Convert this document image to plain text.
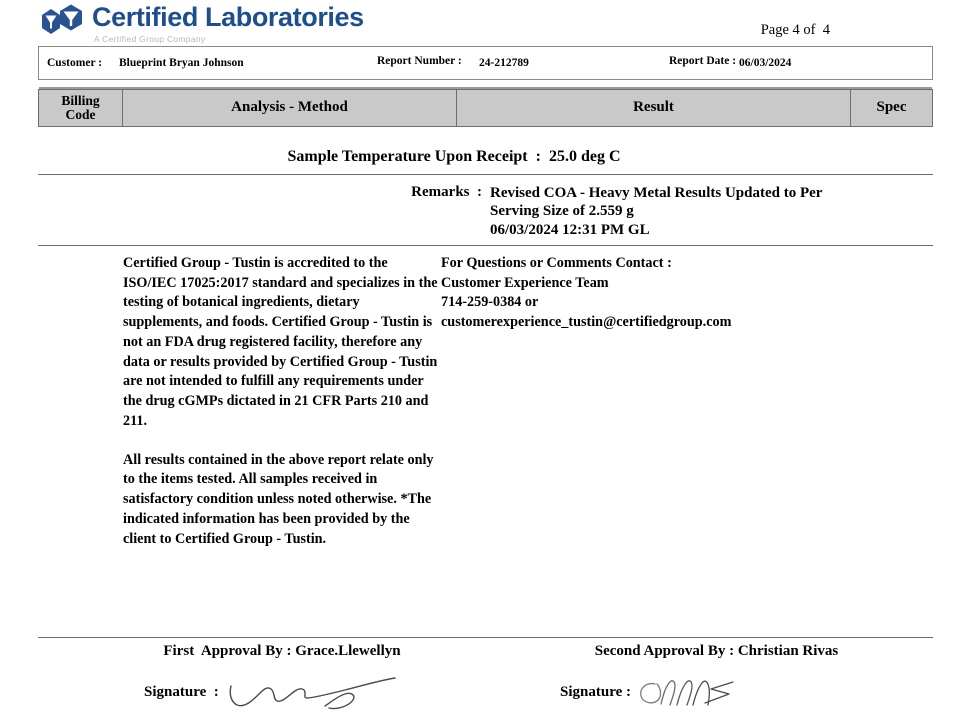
Certified Laboratories
A Certified Group Company
Page 4 of  4
Customer : Blueprint Bryan Johnson	Report Number : 24-212789	Report Date : 06/03/2024
Billing
Code	Analysis - Method	Result	Spec
Sample Temperature Upon Receipt  :  25.0 deg C
Remarks  : Revised COA - Heavy Metal Results Updated to Per
Serving Size of 2.559 g
06/03/2024 12:31 PM GL

Certified Group - Tustin is accredited to the ISO/IEC 17025:2017 standard and specializes in the testing of botanical ingredients, dietary supplements, and foods. Certified Group - Tustin is not an FDA drug registered facility, therefore any data or results provided by Certified Group - Tustin are not intended to fulfill any requirements under the drug cGMPs dictated in 21 CFR Parts 210 and 211.

All results contained in the above report relate only to the items tested. All samples received in satisfactory condition unless noted otherwise. *The indicated information has been provided by the client to Certified Group - Tustin.

For Questions or Comments Contact :
Customer Experience Team
714-259-0384 or
customerexperience_tustin@certifiedgroup.com
First  Approval By : Grace.Llewellyn
Signature  :
Second Approval By : Christian Rivas
Signature :
